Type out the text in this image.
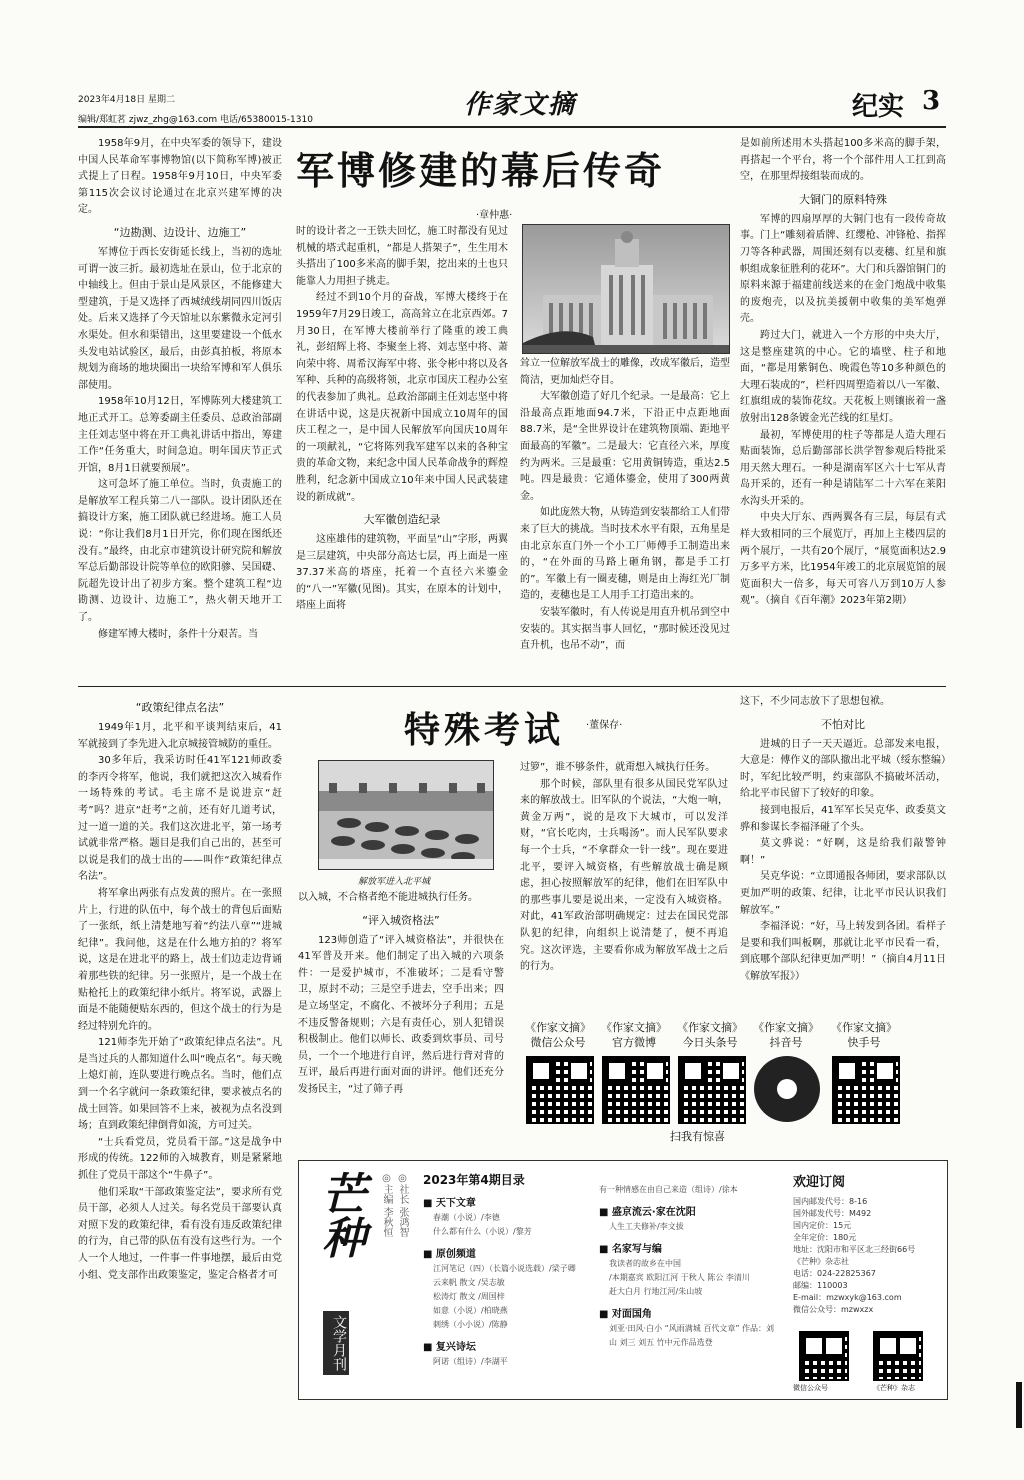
2023年4月18日 星期二
编辑/郑虹茗 zjwz_zhg@163.com 电话/65380015-1310	作家文摘	纪实 3

1958年9月，在中央军委的领导下，建设中国人民革命军事博物馆(以下简称军博)被正式提上了日程。1958年9月10日，中央军委第115次会议讨论通过在北京兴建军博的决定。

“边勘测、边设计、边施工”

军博位于西长安街延长线上，当初的选址可谓一波三折。最初选址在景山，位于北京的中轴线上。但由于景山是风景区，不能修建大型建筑，于是又选择了西城绒线胡同四川饭店处。后来又选择了今天馆址以东紫微永定河引水渠处。但水和渠错出，这里要建设一个低水头发电站试验区，最后，由彭真拍板，将原本规划为商场的地块圈出一块给军博和军人俱乐部使用。

1958年10月12日，军博陈列大楼建筑工地正式开工。总筹委副主任委员、总政治部副主任刘志坚中将在开工典礼讲话中指出，筹建工作“任务重大，时间急迫。明年国庆节正式开馆，8月1日就要预展”。

这可急坏了施工单位。当时，负责施工的是解放军工程兵第二八一部队。设计团队还在搞设计方案，施工团队就已经进场。施工人员说：“你让我们8月1日开完，你们现在图纸还没有。”最终，由北京市建筑设计研究院和解放军总后勤部设计院等单位的欧阳骖、吴国礎、阮超先设计出了初步方案。整个建筑工程“边勘测、边设计、边施工”，热火朝天地开工了。

修建军博大楼时，条件十分艰苦。当

军博修建的幕后传奇
·章仲惠·

时的设计者之一王铁夫回忆，施工时都没有见过机械的塔式起重机，“都是人搭架子”，生生用木头搭出了100多米高的脚手架，挖出来的土也只能靠人力用担子挑走。

经过不到10个月的奋战，军博大楼终于在1959年7月29日竣工，高高耸立在北京西郊。7月30日，在军博大楼前举行了隆重的竣工典礼，彭绍辉上将、李聚奎上将、刘志坚中将、萧向荣中将、周希汉海军中将、张令彬中将以及各军种、兵种的高级将领，北京市国庆工程办公室的代表参加了典礼。总政治部副主任刘志坚中将在讲话中说，这是庆祝新中国成立10周年的国庆工程之一，是中国人民解放军向国庆10周年的一项献礼，“它将陈列我军建军以来的各种宝贵的革命文物，来纪念中国人民革命战争的辉煌胜利，纪念新中国成立10年来中国人民武装建设的新成就”。

大军徽创造纪录

这座雄伟的建筑物，平面呈“山”字形，两翼是三层建筑，中央部分高达七层，再上面是一座37.37米高的塔座，托着一个直径六米鎏金的“八一”军徽(见图)。其实，在原本的计划中，塔座上面将

耸立一位解放军战士的雕像，改成军徽后，造型简洁，更加灿烂夺目。

大军徽创造了好几个纪录。一是最高：它上沿最高点距地面94.7米，下沿正中点距地面88.7米，是“全世界设计在建筑物顶端、距地平面最高的军徽”。二是最大：它直径六米，厚度约为两米。三是最重：它用黄铜铸造，重达2.5吨。四是最贵：它通体鎏金，使用了300两黄金。

如此庞然大物，从铸造到安装都给工人们带来了巨大的挑战。当时技术水平有限，五角星是由北京东直门外一个小工厂师傅手工制造出来的，“在外面的马路上砸角钢，都是手工打的”。军徽上有一圈麦穗，则是由上海红光厂制造的，麦穗也是工人用手工打造出来的。

安装军徽时，有人传说是用直升机吊到空中安装的。其实据当事人回忆，“那时候还没见过直升机，也吊不动”，而

是如前所述用木头搭起100多米高的脚手架，再搭起一个平台，将一个个部件用人工扛到高空，在那里焊接组装而成的。

大铜门的原料特殊

军博的四扇厚厚的大铜门也有一段传奇故事。门上“雕刻着盾牌、红缨枪、冲锋枪、指挥刀等各种武器，周围还刻有以麦穗、红星和旗帜组成象征胜利的花环”。大门和兵器馆铜门的原料来源于福建前线送来的在金门炮战中收集的废炮壳，以及抗美援朝中收集的美军炮弹壳。

跨过大门，就进入一个方形的中央大厅，这是整座建筑的中心。它的墙壁、柱子和地面，“都是用紫铜色、晚霞色等10多种颜色的大理石装成的”，栏杆四周塑造着以八一军徽、红旗组成的装饰花纹。天花板上则镶嵌着一盏放射出128条镀金光芒线的红星灯。

最初，军博使用的柱子等都是人造大理石贴面装饰，总后勤部部长洪学智参观后特批采用天然大理石。一种是湖南军区六十七军从青岛开采的，还有一种是请陆军二十六军在莱阳水沟头开采的。

中央大厅东、西两翼各有三层，每层有式样大致相同的三个展览厅，再加上主楼四层的两个展厅，一共有20个展厅，“展览面积达2.9万多平方米，比1954年竣工的北京展览馆的展览面积大一倍多，每天可容八万到10万人参观”。（摘自《百年潮》2023年第2期）

“政策纪律点名法”

1949年1月，北平和平谈判结束后，41军就接到了李先进入北京城接管城防的重任。

30多年后，我采访时任41军121师政委的李丙令将军，他说，我们就把这次入城看作一场特殊的考试。毛主席不是说进京“赶考”吗？进京“赶考”之前，还有好几道考试，过一道一道的关。我们这次进北平，第一场考试就非常严格。题目是我们自己出的，甚至可以说是我们的战士出的——叫作“政策纪律点名法”。

将军拿出两张有点发黄的照片。在一张照片上，行进的队伍中，每个战士的背包后面贴了一张纸，纸上清楚地写着“约法八章”“进城纪律”。我问他，这是在什么地方拍的？将军说，这是在进北平的路上，战士们边走边背诵着那些铁的纪律。另一张照片，是一个战士在贴枪托上的政策纪律小纸片。将军说，武器上面是不能随便贴东西的，但这个战士的行为是经过特别允许的。

121师李先开始了“政策纪律点名法”。凡是当过兵的人都知道什么叫“晚点名”。每天晚上熄灯前，连队要进行晚点名。当时，他们点到一个名字就问一条政策纪律，要求被点名的战士回答。如果回答不上来，被视为点名没到场；直到政策纪律倒背如流，方可过关。

“士兵看党员，党员看干部。”这是战争中形成的传统。122师的入城教育，则是紧紧地抓住了党员干部这个“牛鼻子”。

他们采取“干部政策鉴定法”，要求所有党员干部，必须人人过关。每名党员干部要认真对照下发的政策纪律，看有没有违反政策纪律的行为，自己带的队伍有没有这些行为。一个人一个人地过，一件事一件事地摆，最后由党小组、党支部作出政策鉴定，鉴定合格者才可

特殊考试 ·董保存·
解放军进入北平城

以入城，不合格者绝不能进城执行任务。

“评入城资格法”

123师创造了“评入城资格法”，并很快在41军普及开来。他们制定了出入城的六项条件：一是爱护城市，不准破坏；二是看守警卫，原封不动；三是空手进去，空手出来；四是立场坚定，不腐化、不被坏分子利用；五是不违反警备规则；六是有责任心，别人犯错误积极制止。他们以师长、政委到炊事员、司号员，一个一个地进行自评，然后进行背对背的互评，最后再进行面对面的讲评。他们还充分发扬民主，“过了筛子再

过箩”，谁不够条件，就甭想入城执行任务。

那个时候，部队里有很多从国民党军队过来的解放战士。旧军队的个说法，“大炮一响，黄金万两”，说的是攻下大城市，可以发洋财，“官长吃肉，士兵喝汤”。而人民军队要求每一个士兵，“不拿群众一针一线”。现在要进北平，要评入城资格，有些解放战士确是顾虑，担心按照解放军的纪律，他们在旧军队中的那些事儿要是说出来，一定没有入城资格。对此，41军政治部明确规定：过去在国民党部队犯的纪律，向组织上说清楚了，便不再追究。这次评选，主要看你成为解放军战士之后的行为。

这下，不少同志放下了思想包袱。

不怕对比

进城的日子一天天逼近。总部发来电报，大意是：傅作义的部队撤出北平城（绥东整编）时，军纪比较严明，约束部队不搞破坏活动，给北平市民留下了较好的印象。

接到电报后，41军军长吴克华、政委莫文骅和参谋长李福泽碰了个头。

莫文骅说：“好啊，这是给我们敲警钟啊！”

吴克华说：“立即通报各师团，要求部队以更加严明的政策、纪律，让北平市民认识我们解放军。”

李福泽说：“好，马上转发到各团。看样子是要和我们叫板啊，那就让北平市民看一看，到底哪个部队纪律更加严明！”（摘自4月11日《解放军报》）

《作家文摘》
微信公众号
《作家文摘》
官方微博
《作家文摘》
今日头条号
《作家文摘》
抖音号
《作家文摘》
快手号
扫我有惊喜
芒种
文学月刊
◎社长 张鸿智
◎主编 李秋恒	2023年第4期目录
■ 天下文章
春潮（小说）/李德
什么都有什么（小说）/黎芳
■ 原创频道
江河笔记（四）（长篇小说选载）/梁子卿
云来帆 散文 /吴志敏
松涛灯 散文 /周国梓
如意（小说）/柏晓燕
刺绣（小小说）/陈静
■ 复兴诗坛
阿诺（组诗）/李湖平
有一种情感在由自己来造（组诗）/徐本
■ 盛京流云·家在沈阳
人生工夫修补/李文拔
■ 名家写与编
我读者的故乡在中国
/本期嘉宾 欧阳江河 于秋人 陈公 李清川
赶大白月 行地江河/朱山坡
■ 对面国角
刘亚·田风·白小 “风雨满城 百代文章” 作品：刘山 刘三 刘五 竹中元作品选登
欢迎订阅
国内邮发代号：8-16
国外邮发代号：M492
国内定价：15元
全年定价：180元
地址：沈阳市和平区北三经街66号
《芒种》杂志社
电话：024-22825367
邮编：110003
E-mail：mzwxyk@163.com
微信公众号：mzwxzx
微信公众号	《芒种》杂志
